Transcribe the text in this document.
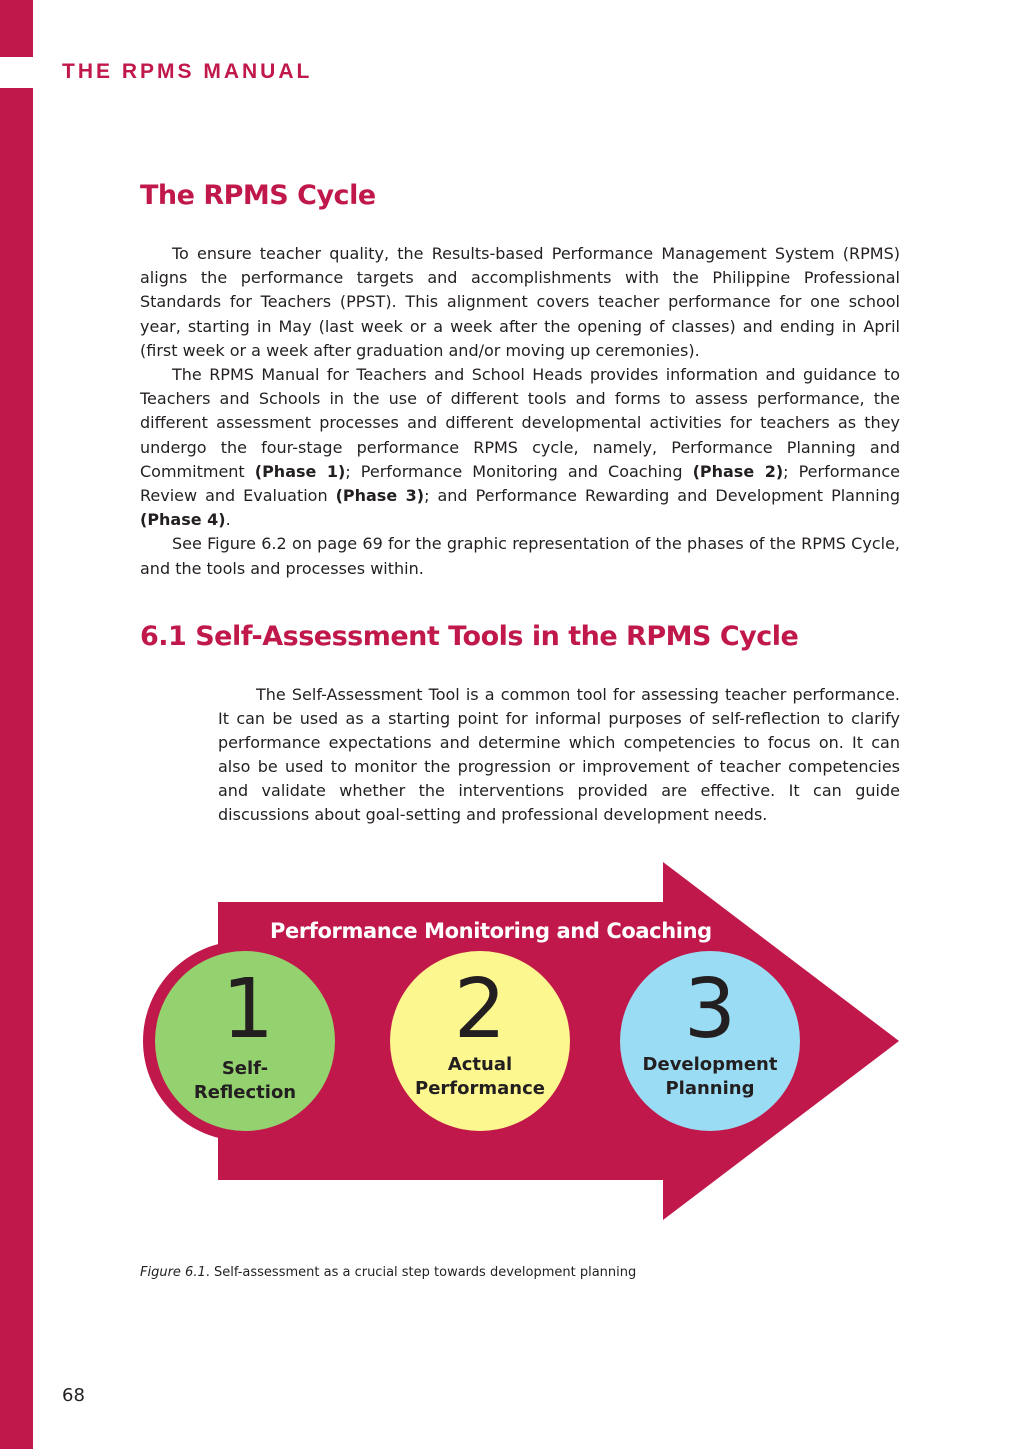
THE RPMS MANUAL
The RPMS Cycle

To ensure teacher quality, the Results-based Performance Management System (RPMS) aligns the performance targets and accomplishments with the Philippine Professional Standards for Teachers (PPST). This alignment covers teacher performance for one school year, starting in May (last week or a week after the opening of classes) and ending in April (first week or a week after graduation and/or moving up ceremonies).

The RPMS Manual for Teachers and School Heads provides information and guidance to Teachers and Schools in the use of different tools and forms to assess performance, the different assessment processes and different developmental activities for teachers as they undergo the four-stage performance RPMS cycle, namely, Performance Planning and Commitment (Phase 1); Performance Monitoring and Coaching (Phase 2); Performance Review and Evaluation (Phase 3); and Performance Rewarding and Development Planning (Phase 4).

See Figure 6.2 on page 69 for the graphic representation of the phases of the RPMS Cycle, and the tools and processes within.

6.1 Self-Assessment Tools in the RPMS Cycle

The Self-Assessment Tool is a common tool for assessing teacher performance. It can be used as a starting point for informal purposes of self-reflection to clarify performance expectations and determine which competencies to focus on. It can also be used to monitor the progression or improvement of teacher competencies and validate whether the interventions provided are effective. It can guide discussions about goal-setting and professional development needs.

Performance Monitoring and Coaching
1
Self-
Reflection
2
Actual
Performance
3
Development
Planning
Figure 6.1. Self-assessment as a crucial step towards development planning
68
